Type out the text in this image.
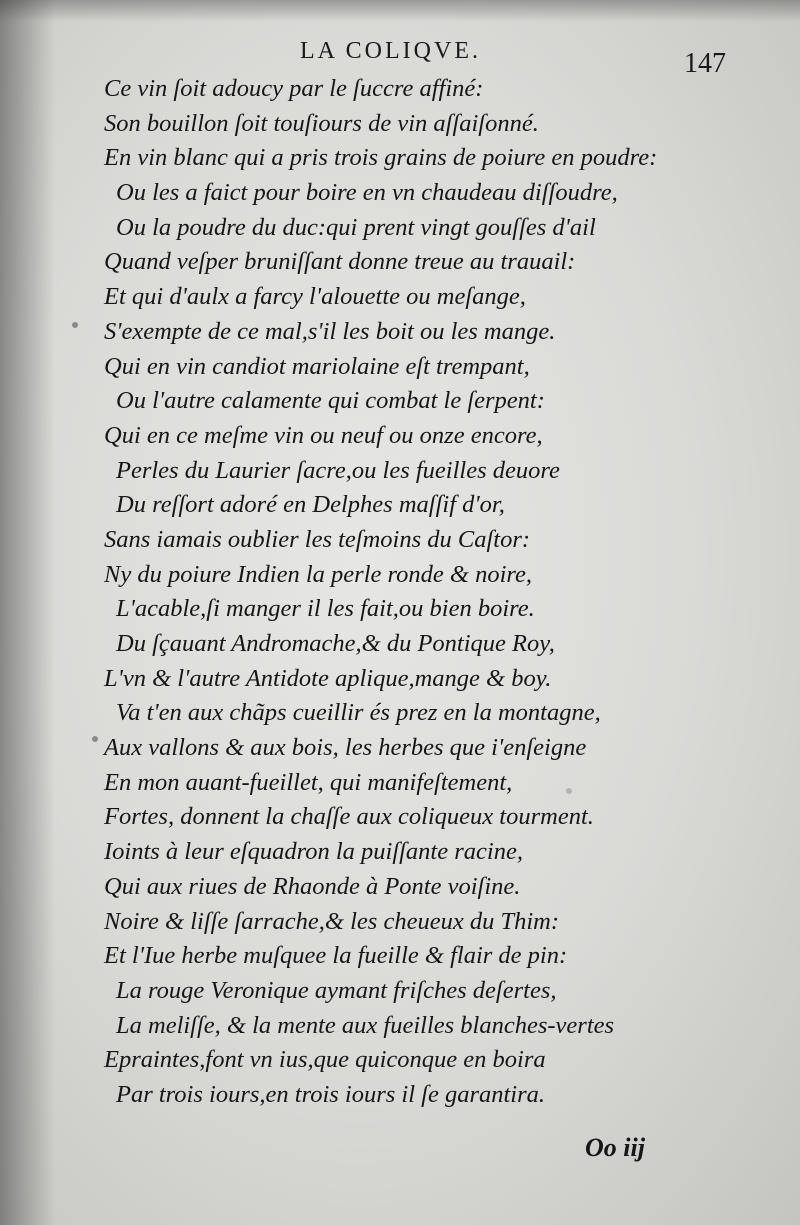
LA COLIQVE.	147
Ce vin ſoit adoucy par le ſuccre affiné:
Son bouillon ſoit touſiours de vin aſſaiſonné.
En vin blanc qui a pris trois grains de poiure en poudre:
Ou les a faict pour boire en vn chaudeau diſſoudre,
Ou la poudre du duc:qui prent vingt gouſſes d'ail
Quand veſper bruniſſant donne treue au trauail:
Et qui d'aulx a farcy l'alouette ou meſange,
S'exempte de ce mal,s'il les boit ou les mange.
Qui en vin candiot mariolaine eſt trempant,
Ou l'autre calamente qui combat le ſerpent:
Qui en ce meſme vin ou neuf ou onze encore,
Perles du Laurier ſacre,ou les fueilles deuore
Du reſſort adoré en Delphes maſſif d'or,
Sans iamais oublier les teſmoins du Caſtor:
Ny du poiure Indien la perle ronde & noire,
L'acable,ſi manger il les fait,ou bien boire.
Du ſçauant Andromache,& du Pontique Roy,
L'vn & l'autre Antidote aplique,mange & boy.
Va t'en aux chãps cueillir és prez en la montagne,
Aux vallons & aux bois, les herbes que i'enſeigne
En mon auant-fueillet, qui manifeſtement,
Fortes, donnent la chaſſe aux coliqueux tourment.
Ioints à leur eſquadron la puiſſante racine,
Qui aux riues de Rhaonde à Ponte voiſine.
Noire & liſſe ſarrache,& les cheueux du Thim:
Et l'Iue herbe muſquee la fueille & flair de pin:
La rouge Veronique aymant friſches deſertes,
La meliſſe, & la mente aux fueilles blanches-vertes
Epraintes,font vn ius,que quiconque en boira
Par trois iours,en trois iours il ſe garantira.
Oo iij
